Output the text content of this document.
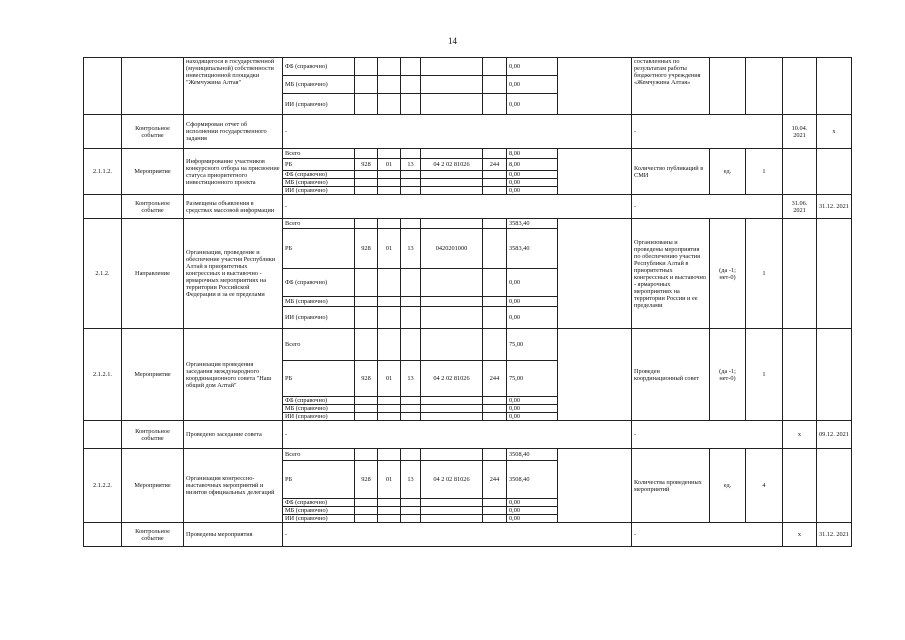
14
		находящегося в государственной (муниципальной) собственности инвестиционной площадки "Жемчужина Алтая"	ФБ (справочно)						0,00		составленных по результатам работы бюджетного учреждения «Жемчужина Алтая»				
			МБ (справочно)						0,00						
			ИИ (справочно)						0,00						
	Контрольное событие	Сформирован отчет об исполнении государственного задания	-								-			10.04. 2021	x
2.1.1.2.	Мероприятие	Информирование участников конкурсного отбора на присвоение статуса приоритетного инвестиционного проекта	Всего						8,00		Количество публикаций в СМИ	ед.	1		
			РБ	928	01	13	04 2 02 81026	244	8,00						
			ФБ (справочно)						0,00						
			МБ (справочно)						0,00						
			ИИ (справочно)						0,00						
	Контрольное событие	Размещены объявления в средствах массовой информации	-								-			31.06. 2021	31.12. 2021
2.1.2.	Направление	Организация, проведение и обеспечение участия Республики Алтай в приоритетных конгрессных и выставочно - ярмарочных мероприятиях на территории Российской Федерации и за ее пределами	Всего						3583,40		Организованы и проведены мероприятия по обеспечению участия Республики Алтай в приоритетных конгрессных и выставочно - ярмарочных мероприятиях на территории России и ее пределами	(да -1; нет-0)	1		
			РБ	928	01	13	0420201000		3583,40						
			ФБ (справочно)						0,00						
			МБ (справочно)						0,00						
			ИИ (справочно)						0,00						
2.1.2.1.	Мероприятие	Организация проведения заседания международного координационного совета "Наш общий дом Алтай"	Всего						75,00		Проведен координационный совет	(да -1; нет-0)	1		
			РБ	928	01	13	04 2 02 81026	244	75,00						
			ФБ (справочно)						0,00						
			МБ (справочно)						0,00						
			ИИ (справочно)						0,00						
	Контрольное событие	Проведено заседание совета	-								-			x	09.12. 2021
2.1.2.2.	Мероприятие	Организация конгрессно-выставочных мероприятий и визитов официальных делегаций	Всего						3508,40		Количества проведенных мероприятий	ед.	4		
			РБ	928	01	13	04 2 02 81026	244	3508,40						
			ФБ (справочно)						0,00						
			МБ (справочно)						0,00						
			ИИ (справочно)						0,00						
	Контрольное событие	Проведены мероприятия	-								-			x	31.12. 2021
